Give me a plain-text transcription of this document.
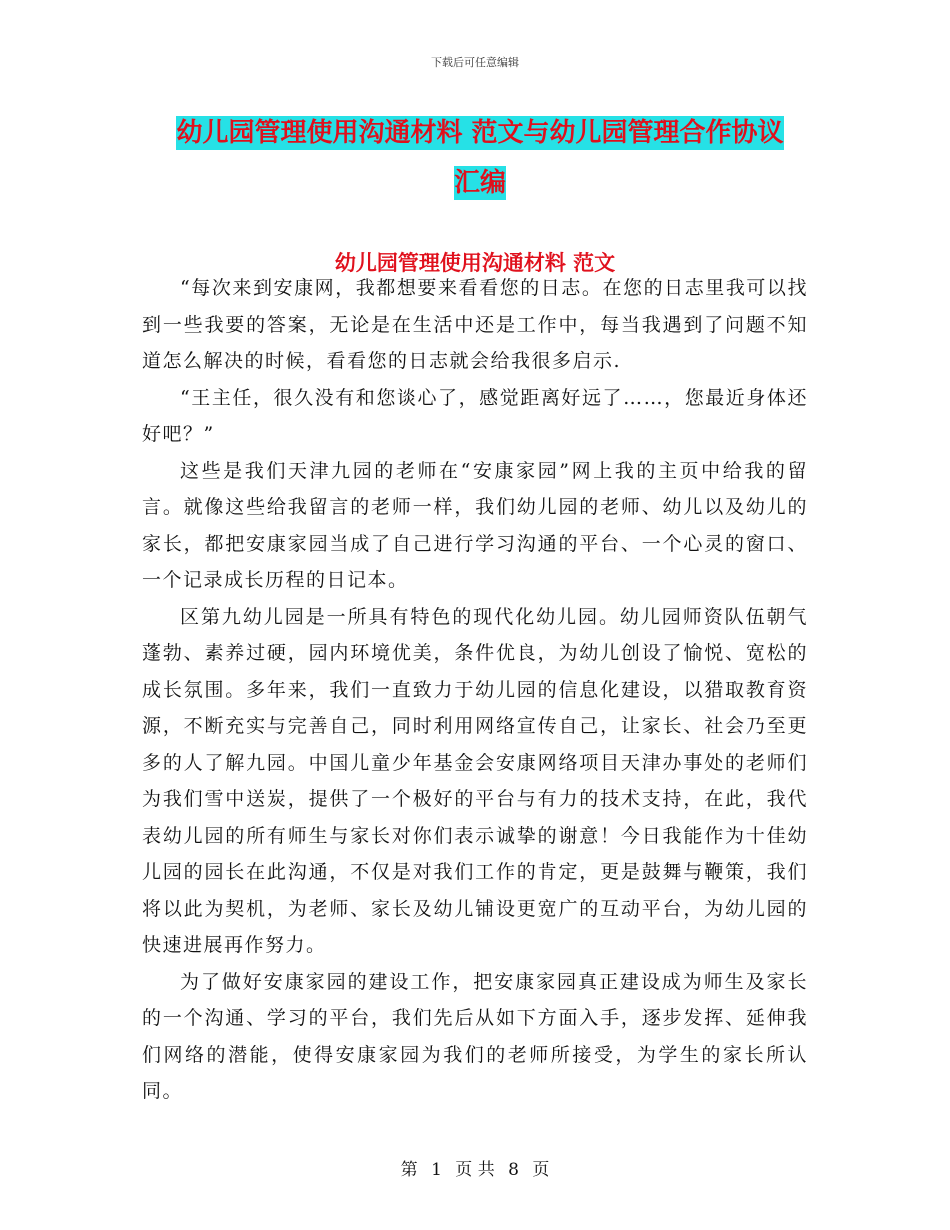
下载后可任意编辑
幼儿园管理使用沟通材料 范文与幼儿园管理合作协议
汇编
幼儿园管理使用沟通材料 范文

“每次来到安康网，我都想要来看看您的日志。在您的日志里我可以找到一些我要的答案，无论是在生活中还是工作中，每当我遇到了问题不知道怎么解决的时候，看看您的日志就会给我很多启示.

“王主任，很久没有和您谈心了，感觉距离好远了……，您最近身体还好吧？”

这些是我们天津九园的老师在“安康家园”网上我的主页中给我的留言。就像这些给我留言的老师一样，我们幼儿园的老师、幼儿以及幼儿的家长，都把安康家园当成了自己进行学习沟通的平台、一个心灵的窗口、一个记录成长历程的日记本。

区第九幼儿园是一所具有特色的现代化幼儿园。幼儿园师资队伍朝气蓬勃、素养过硬，园内环境优美，条件优良，为幼儿创设了愉悦、宽松的成长氛围。多年来，我们一直致力于幼儿园的信息化建设，以猎取教育资源，不断充实与完善自己，同时利用网络宣传自己，让家长、社会乃至更多的人了解九园。中国儿童少年基金会安康网络项目天津办事处的老师们为我们雪中送炭，提供了一个极好的平台与有力的技术支持，在此，我代表幼儿园的所有师生与家长对你们表示诚挚的谢意！今日我能作为十佳幼儿园的园长在此沟通，不仅是对我们工作的肯定，更是鼓舞与鞭策，我们将以此为契机，为老师、家长及幼儿铺设更宽广的互动平台，为幼儿园的快速进展再作努力。

为了做好安康家园的建设工作，把安康家园真正建设成为师生及家长的一个沟通、学习的平台，我们先后从如下方面入手，逐步发挥、延伸我们网络的潜能，使得安康家园为我们的老师所接受，为学生的家长所认同。

第 1 页 共 8 页
